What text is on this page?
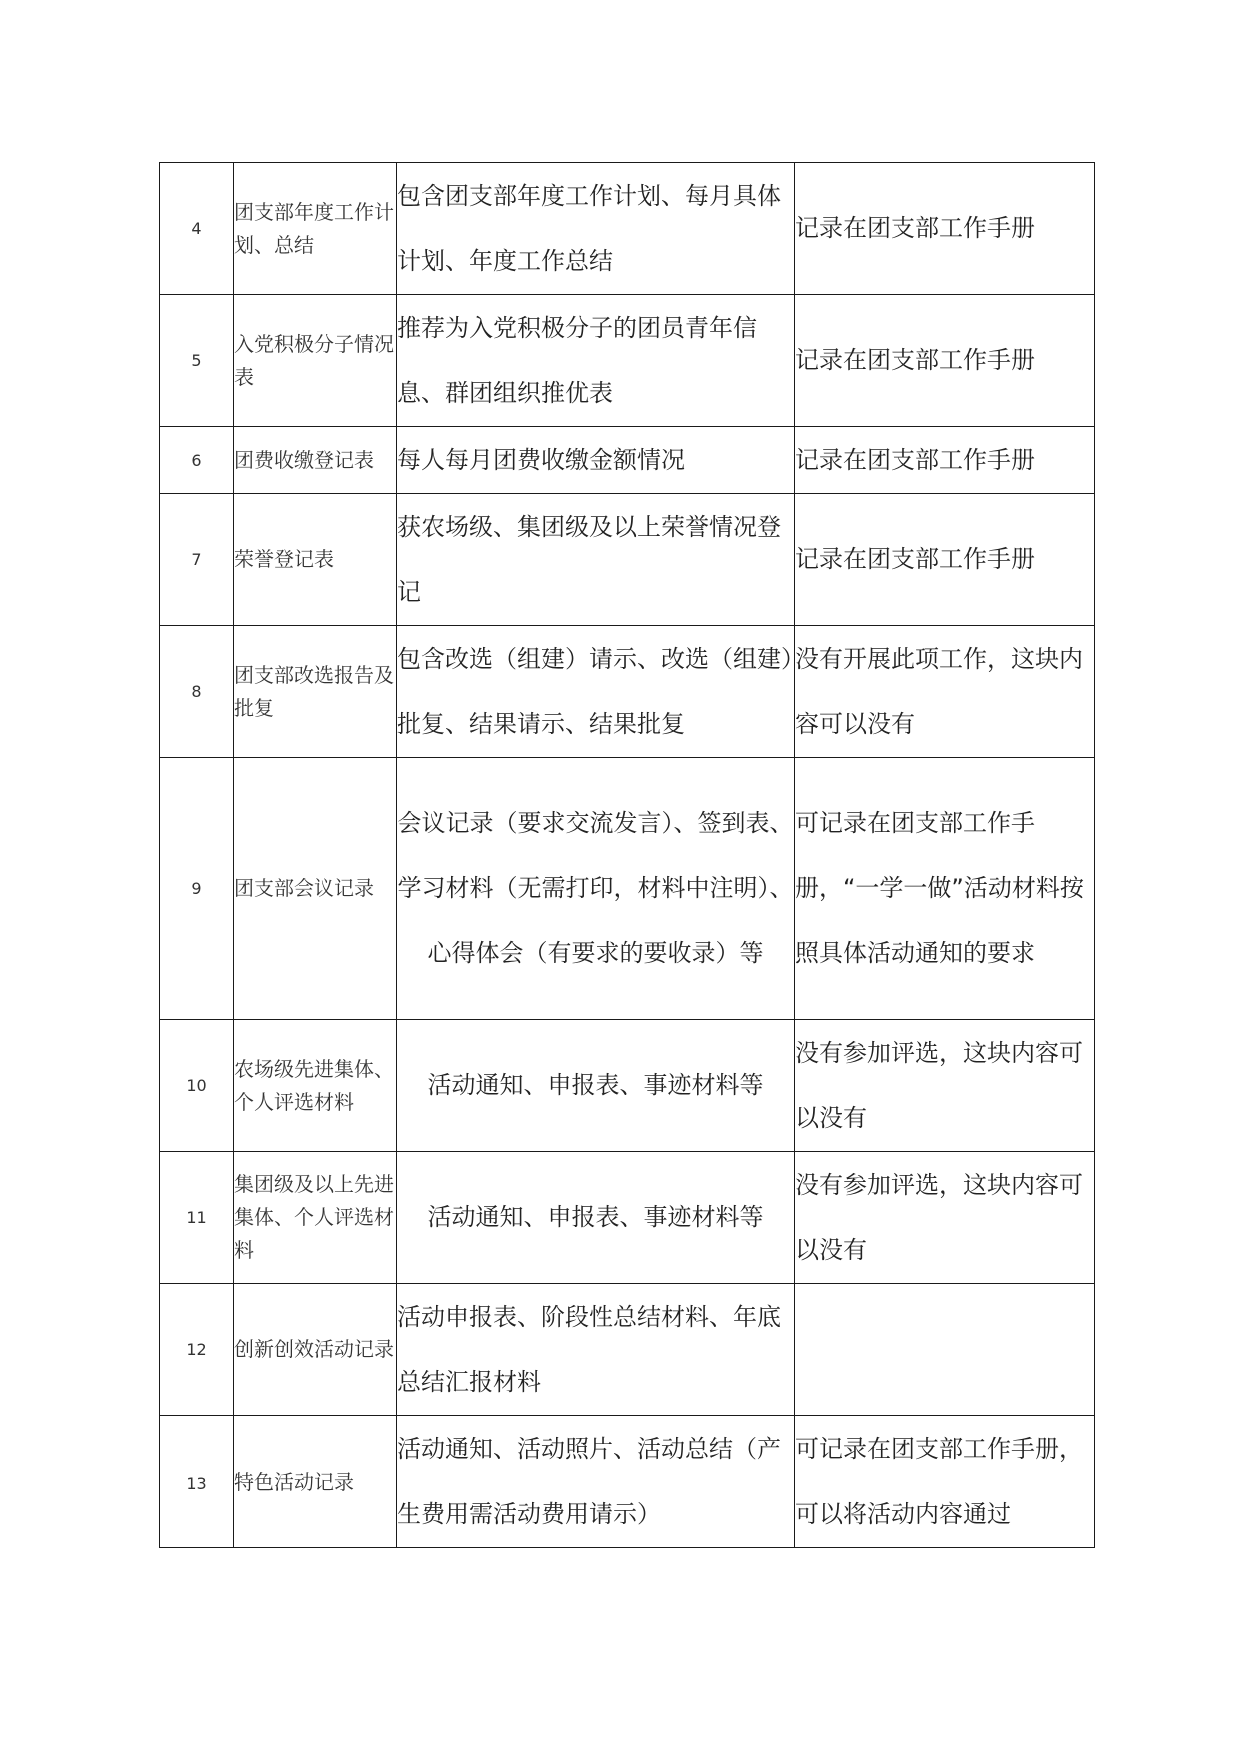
4	团支部年度工作计划、总结	包含团支部年度工作计划、每月具体计划、年度工作总结	记录在团支部工作手册

5	入党积极分子情况表	推荐为入党积极分子的团员青年信息、群团组织推优表	记录在团支部工作手册

6	团费收缴登记表	每人每月团费收缴金额情况	记录在团支部工作手册

7	荣誉登记表	获农场级、集团级及以上荣誉情况登记	记录在团支部工作手册

8	团支部改选报告及批复	包含改选（组建）请示、改选（组建）批复、结果请示、结果批复	没有开展此项工作，这块内容可以没有

9	团支部会议记录	会议记录（要求交流发言）、签到表、学习材料（无需打印，材料中注明）、心得体会（有要求的要收录）等	可记录在团支部工作手册，“一学一做”活动材料按照具体活动通知的要求

10	农场级先进集体、个人评选材料	活动通知、申报表、事迹材料等	没有参加评选，这块内容可以没有

11	集团级及以上先进集体、个人评选材料	活动通知、申报表、事迹材料等	没有参加评选，这块内容可以没有

12	创新创效活动记录	活动申报表、阶段性总结材料、年底总结汇报材料	

13	特色活动记录	活动通知、活动照片、活动总结（产生费用需活动费用请示）	可记录在团支部工作手册，可以将活动内容通过
